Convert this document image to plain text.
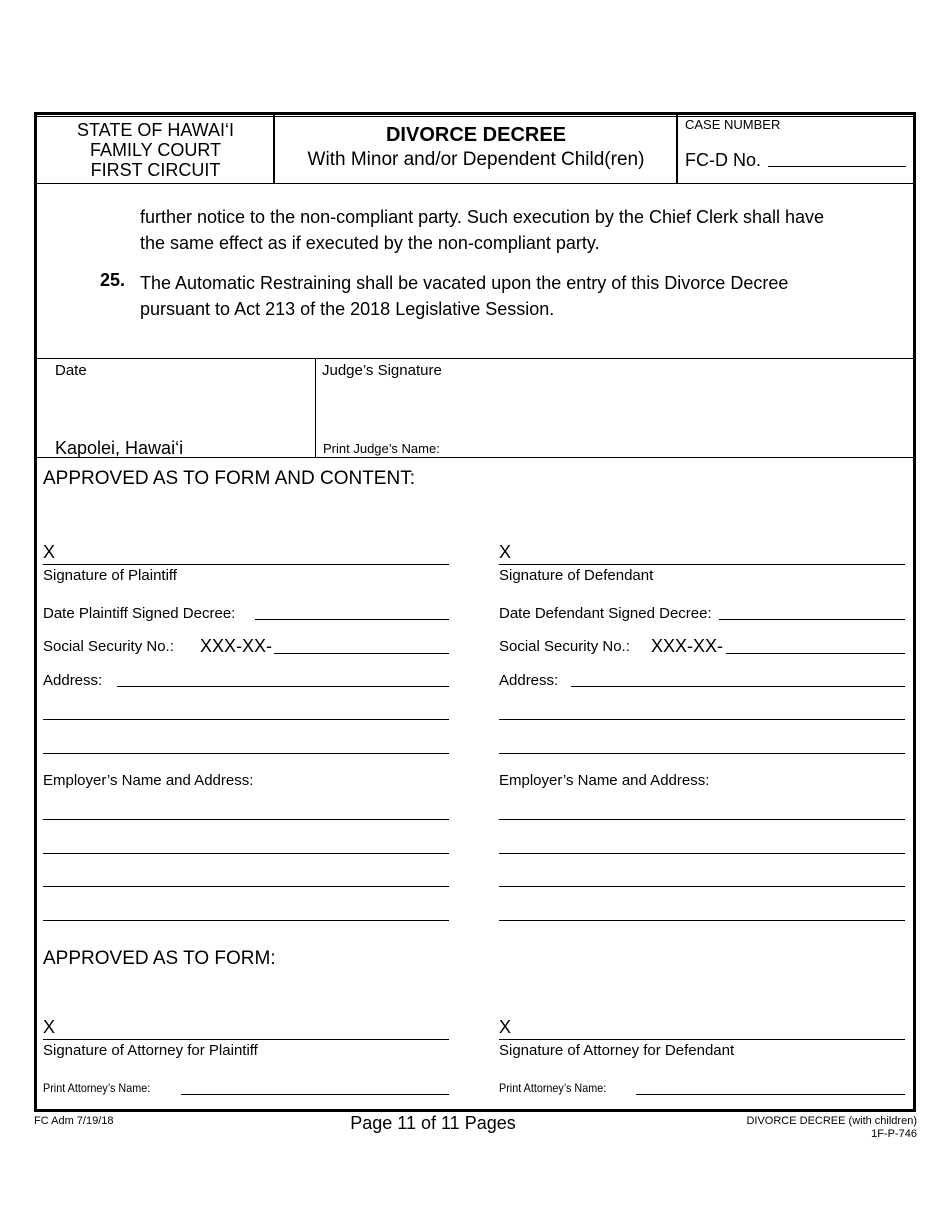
STATE OF HAWAI‘I
FAMILY COURT
FIRST CIRCUIT
DIVORCE DECREE
With Minor and/or Dependent Child(ren)
CASE NUMBER
FC-D No.
further notice to the non-compliant party. Such execution by the Chief Clerk shall have
the same effect as if executed by the non-compliant party.
25. The Automatic Restraining shall be vacated upon the entry of this Divorce Decree
pursuant to Act 213 of the 2018 Legislative Session.
Date
Kapolei, Hawai‘i
Judge’s Signature
Print Judge’s Name:
APPROVED AS TO FORM AND CONTENT:
X
Signature of Plaintiff
Date Plaintiff Signed Decree:
Social Security No.: XXX-XX-
Address:
Employer’s Name and Address:
X
Signature of Defendant
Date Defendant Signed Decree:
Social Security No.: XXX-XX-
Address:
Employer’s Name and Address:
APPROVED AS TO FORM:
X
Signature of Attorney for Plaintiff
Print Attorney’s Name:
X
Signature of Attorney for Defendant
Print Attorney’s Name:
FC Adm 7/19/18	Page 11 of 11 Pages	DIVORCE DECREE (with children)
1F-P-746
